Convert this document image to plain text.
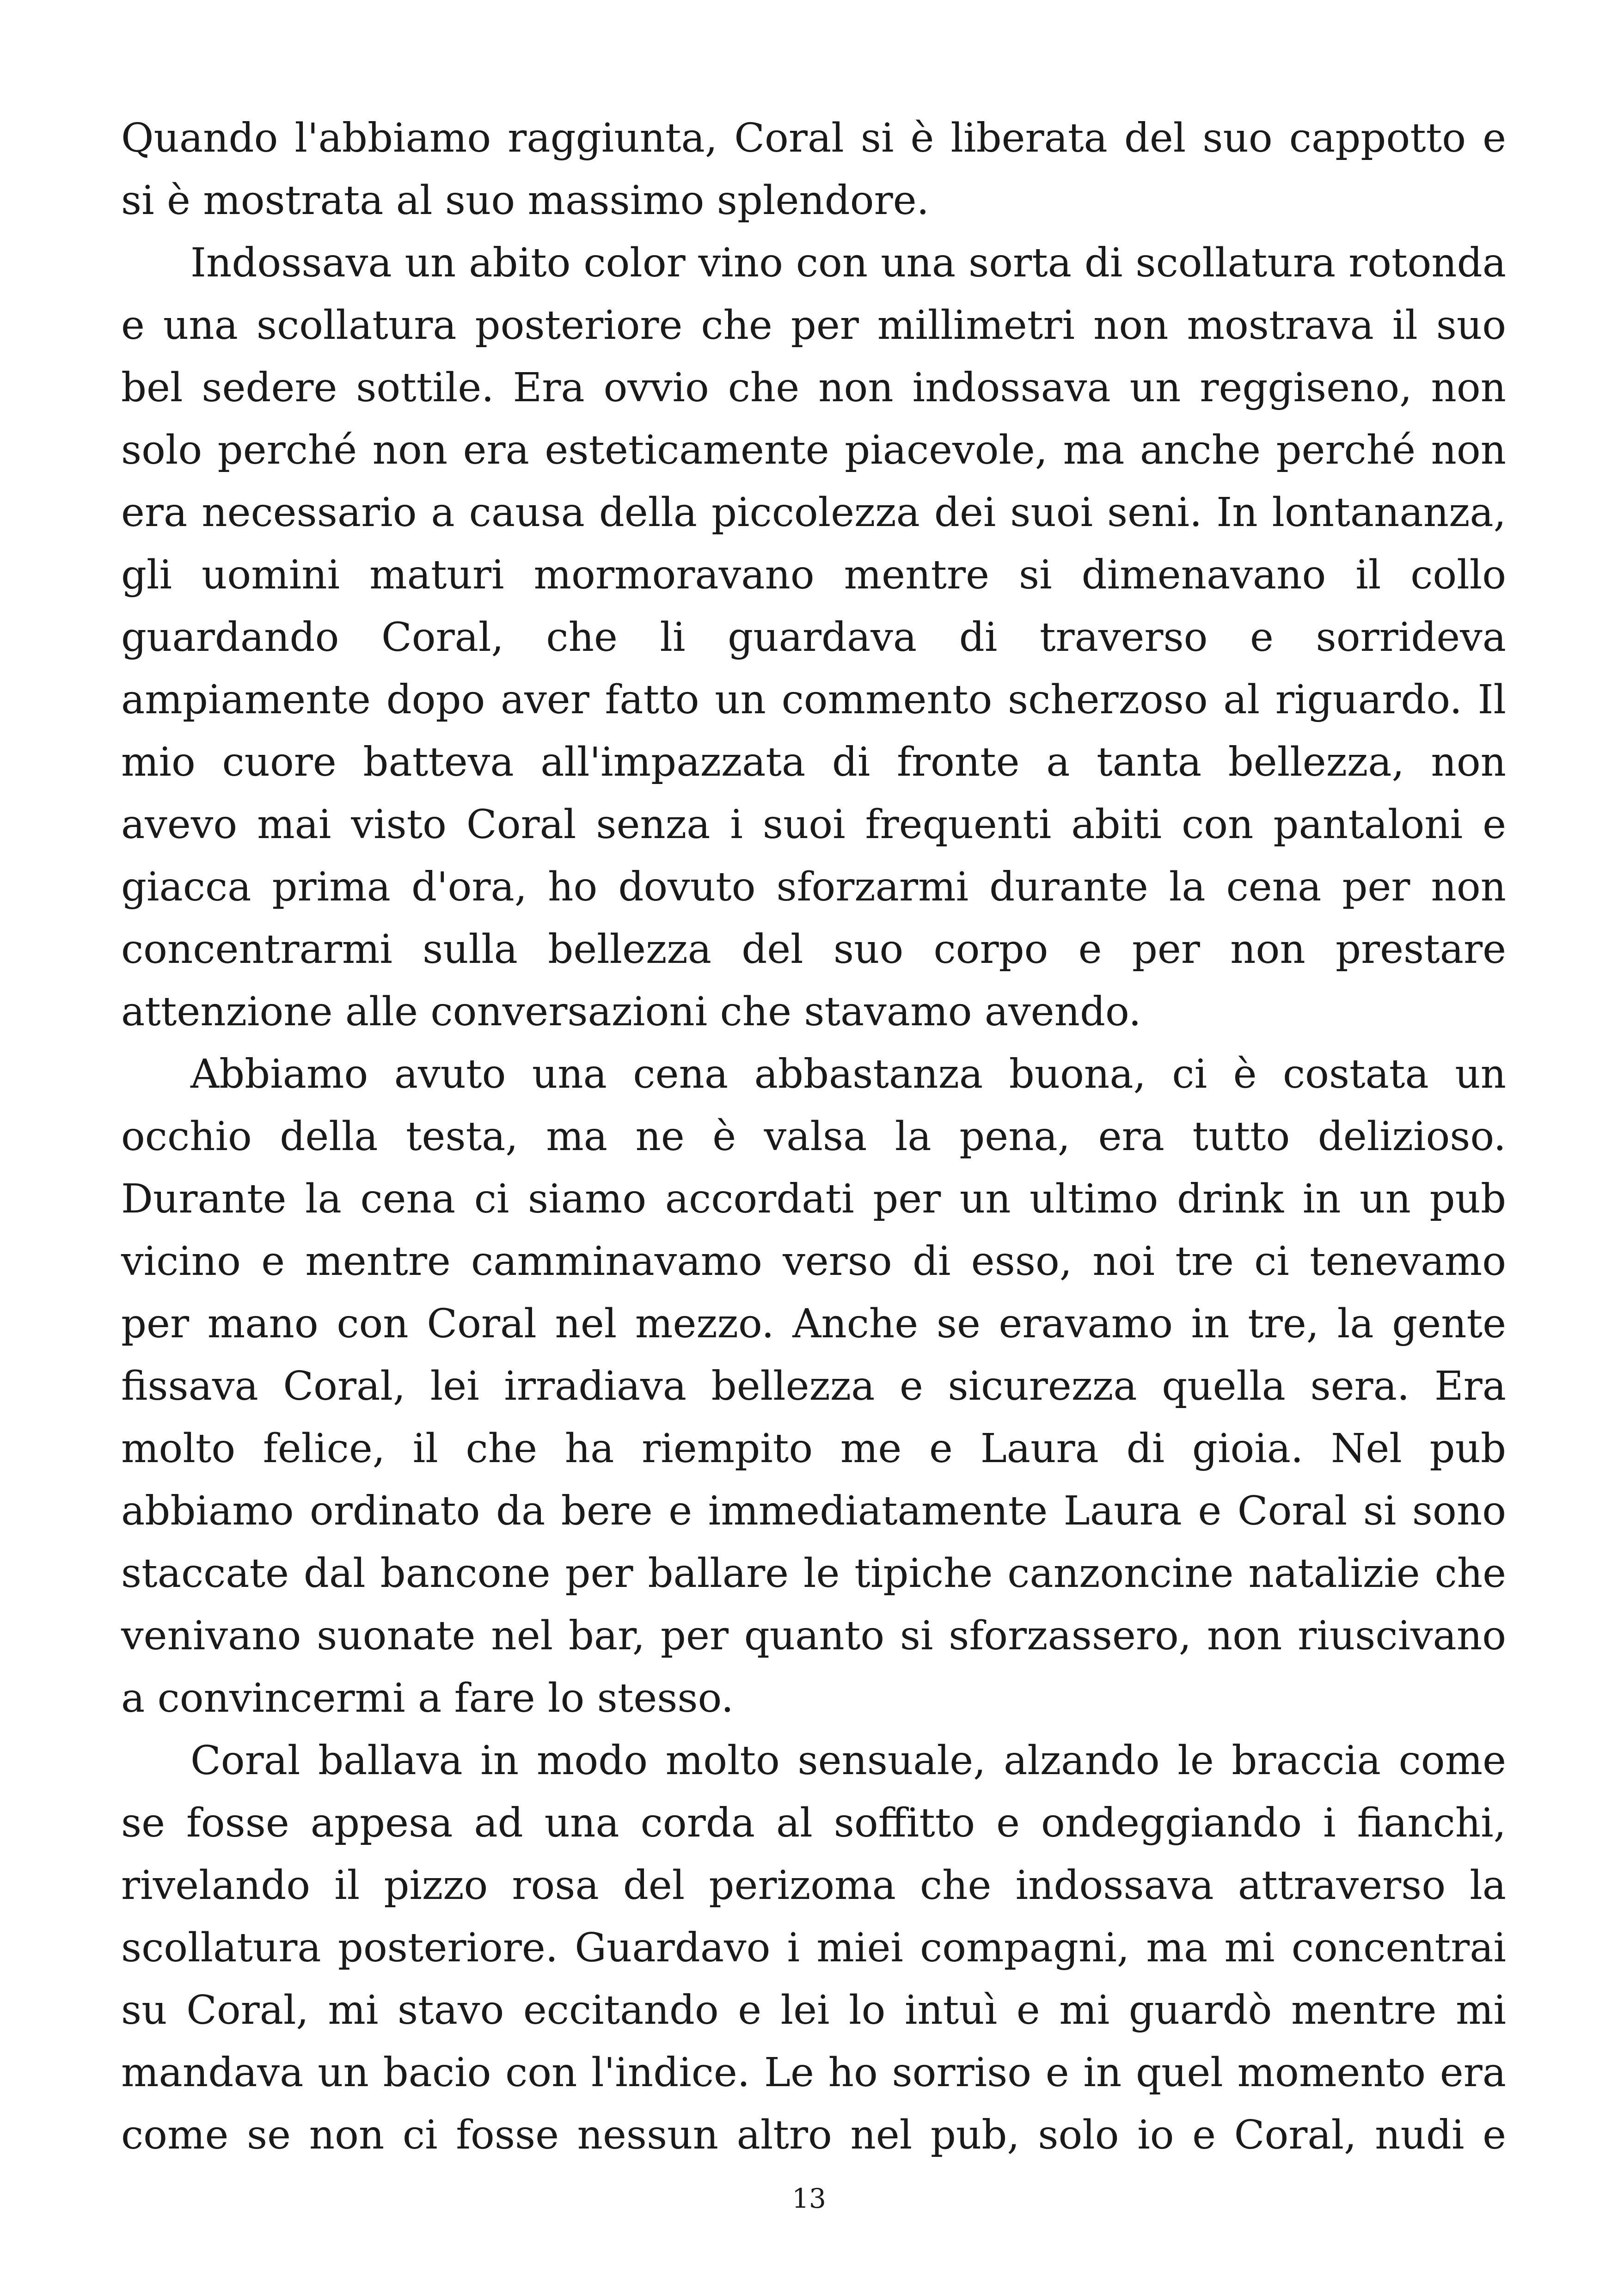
Quando l'abbiamo raggiunta, Coral si è liberata del suo cappotto e si è mostrata al suo massimo splendore.

Indossava un abito color vino con una sorta di scollatura rotonda e una scollatura posteriore che per millimetri non mostrava il suo bel sedere sottile. Era ovvio che non indossava un reggiseno, non solo perché non era esteticamente piacevole, ma anche perché non era necessario a causa della piccolezza dei suoi seni. In lontananza, gli uomini maturi mormoravano mentre si dimenavano il collo guardando Coral, che li guardava di traverso e sorrideva ampiamente dopo aver fatto un commento scherzoso al riguardo. Il mio cuore batteva all'impazzata di fronte a tanta bellezza, non avevo mai visto Coral senza i suoi frequenti abiti con pantaloni e giacca prima d'ora, ho dovuto sforzarmi durante la cena per non concentrarmi sulla bellezza del suo corpo e per non prestare attenzione alle conversazioni che stavamo avendo.

Abbiamo avuto una cena abbastanza buona, ci è costata un occhio della testa, ma ne è valsa la pena, era tutto delizioso. Durante la cena ci siamo accordati per un ultimo drink in un pub vicino e mentre camminavamo verso di esso, noi tre ci tenevamo per mano con Coral nel mezzo. Anche se eravamo in tre, la gente fissava Coral, lei irradiava bellezza e sicurezza quella sera. Era molto felice, il che ha riempito me e Laura di gioia. Nel pub abbiamo ordinato da bere e immediatamente Laura e Coral si sono staccate dal bancone per ballare le tipiche canzoncine natalizie che venivano suonate nel bar, per quanto si sforzassero, non riuscivano a convincermi a fare lo stesso.

Coral ballava in modo molto sensuale, alzando le braccia come se fosse appesa ad una corda al soffitto e ondeggiando i fianchi, rivelando il pizzo rosa del perizoma che indossava attraverso la scollatura posteriore. Guardavo i miei compagni, ma mi concentrai su Coral, mi stavo eccitando e lei lo intuì e mi guardò mentre mi mandava un bacio con l'indice. Le ho sorriso e in quel momento era come se non ci fosse nessun altro nel pub, solo io e Coral, nudi e

13
